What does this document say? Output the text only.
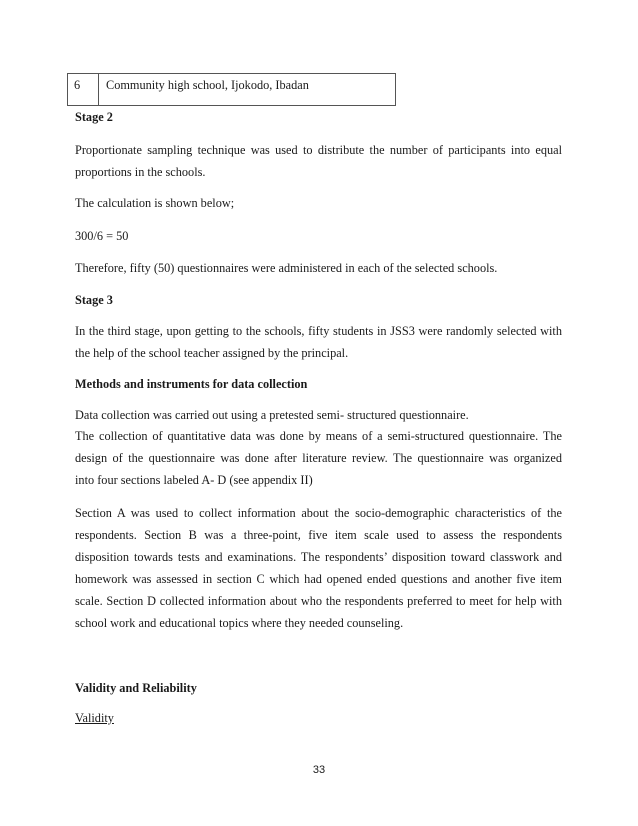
6 Community high school, Ijokodo, Ibadan
Stage 2
Proportionate sampling technique was used to distribute the number of participants into equal
proportions in the schools.
The calculation is shown below;
300/6 = 50
Therefore, fifty (50) questionnaires were administered in each of the selected schools.
Stage 3
In the third stage, upon getting to the schools, fifty students in JSS3 were randomly selected with
the help of the school teacher assigned by the principal.
Methods and instruments for data collection
Data collection was carried out using a pretested semi- structured questionnaire.
The collection of quantitative data was done by means of a semi-structured questionnaire. The
design of the questionnaire was done after literature review. The questionnaire was organized
into four sections labeled A- D (see appendix II)
Section A was used to collect information about the socio-demographic characteristics of the
respondents. Section B was a three-point, five item scale used to assess the respondents
disposition towards tests and examinations. The respondents’ disposition toward classwork and
homework was assessed in section C which had opened ended questions and another five item
scale. Section D collected information about who the respondents preferred to meet for help with
school work and educational topics where they needed counseling.
Validity and Reliability
Validity
33
